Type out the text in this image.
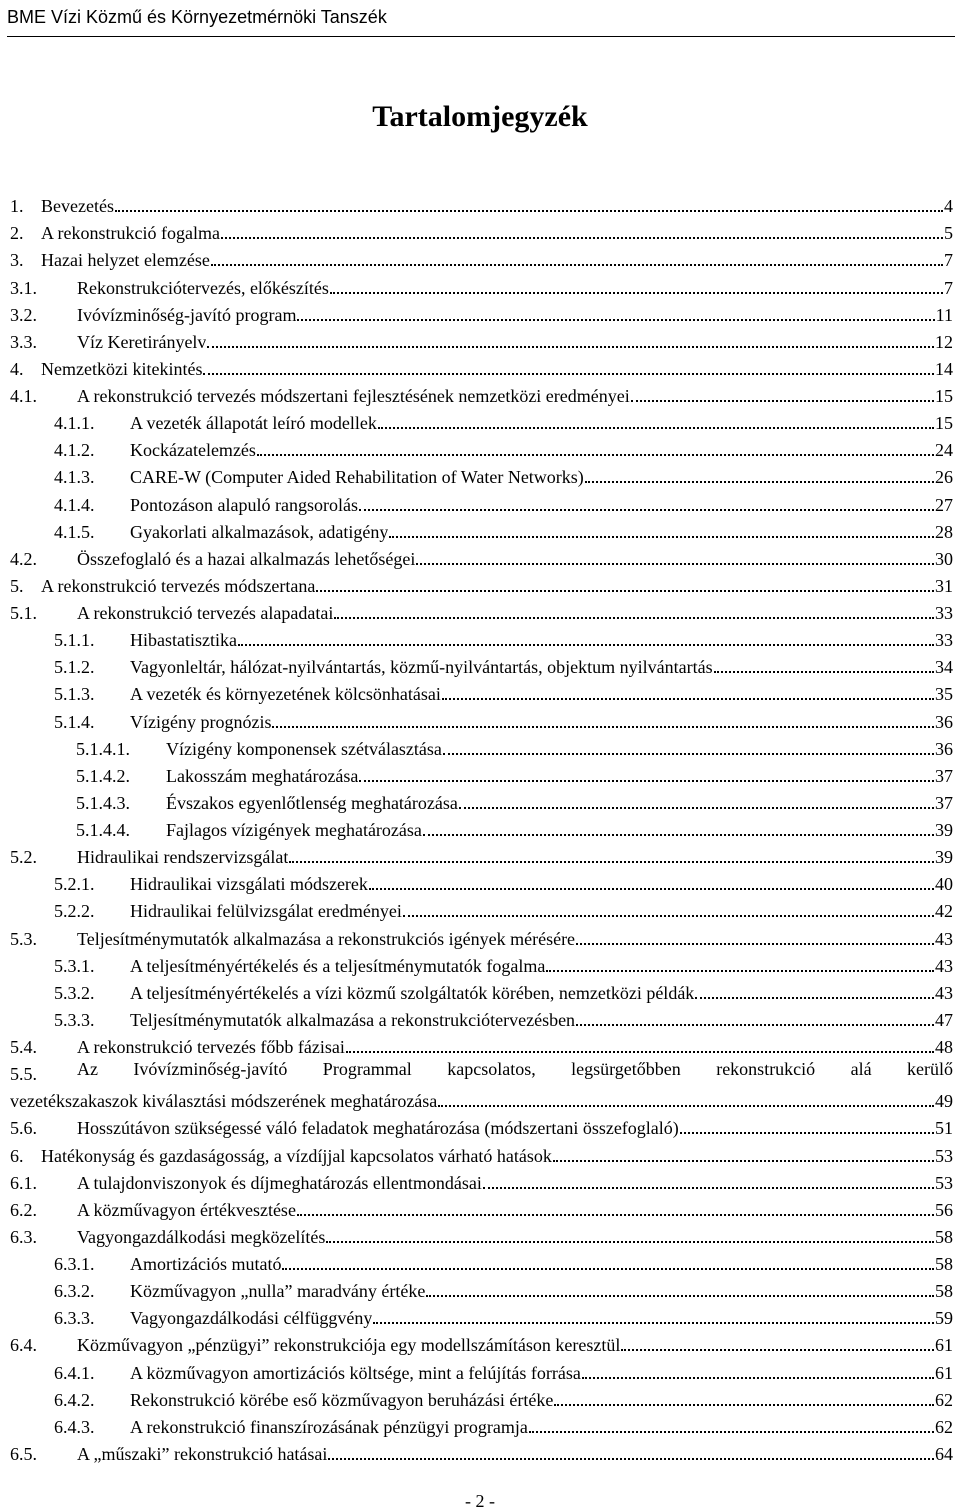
BME Vízi Közmű és Környezetmérnöki Tanszék
Tartalomjegyzék
1. Bevezetés	4
2. A rekonstrukció fogalma	5
3. Hazai helyzet elemzése	7
3.1.	Rekonstrukciótervezés, előkészítés	7
3.2.	Ivóvízminőség-javító program	11
3.3.	Víz Keretirányelv	12
4. Nemzetközi kitekintés	14
4.1.	A rekonstrukció tervezés módszertani fejlesztésének nemzetközi eredményei	15
4.1.1.	A vezeték állapotát leíró modellek	15
4.1.2.	Kockázatelemzés	24
4.1.3.	CARE-W (Computer Aided Rehabilitation of Water Networks)	26
4.1.4.	Pontozáson alapuló rangsorolás	27
4.1.5.	Gyakorlati alkalmazások, adatigény	28
4.2.	Összefoglaló és a hazai alkalmazás lehetőségei	30
5. A rekonstrukció tervezés módszertana	31
5.1.	A rekonstrukció tervezés alapadatai	33
5.1.1.	Hibastatisztika	33
5.1.2.	Vagyonleltár, hálózat-nyilvántartás, közmű-nyilvántartás, objektum nyilvántartás	34
5.1.3.	A vezeték és környezetének kölcsönhatásai	35
5.1.4.	Vízigény prognózis	36
5.1.4.1.	Vízigény komponensek szétválasztása	36
5.1.4.2.	Lakosszám meghatározása	37
5.1.4.3.	Évszakos egyenlőtlenség meghatározása	37
5.1.4.4.	Fajlagos vízigények meghatározása	39
5.2.	Hidraulikai rendszervizsgálat	39
5.2.1.	Hidraulikai vizsgálati módszerek	40
5.2.2.	Hidraulikai felülvizsgálat eredményei	42
5.3.	Teljesítménymutatók alkalmazása a rekonstrukciós igények mérésére	43
5.3.1.	A teljesítményértékelés és a teljesítménymutatók fogalma	43
5.3.2.	A teljesítményértékelés a vízi közmű szolgáltatók körében, nemzetközi példák	43
5.3.3.	Teljesítménymutatók alkalmazása a rekonstrukciótervezésben	47
5.4.	A rekonstrukció tervezés főbb fázisai	48
5.5.	Az Ivóvízminőség-javító Programmal kapcsolatos, legsürgetőbben rekonstrukció alá kerülő
vezetékszakaszok kiválasztási módszerének meghatározása	49
5.6.	Hosszútávon szükségessé váló feladatok meghatározása (módszertani összefoglaló)	51
6. Hatékonyság és gazdaságosság, a vízdíjjal kapcsolatos várható hatások	53
6.1.	A tulajdonviszonyok és díjmeghatározás ellentmondásai	53
6.2.	A közművagyon értékvesztése	56
6.3.	Vagyongazdálkodási megközelítés	58
6.3.1.	Amortizációs mutató	58
6.3.2.	Közművagyon „nulla” maradvány értéke	58
6.3.3.	Vagyongazdálkodási célfüggvény	59
6.4.	Közművagyon „pénzügyi” rekonstrukciója egy modellszámításon keresztül	61
6.4.1.	A közművagyon amortizációs költsége, mint a felújítás forrása	61
6.4.2.	Rekonstrukció körébe eső közművagyon beruházási értéke	62
6.4.3.	A rekonstrukció finanszírozásának pénzügyi programja	62
6.5.	A „műszaki” rekonstrukció hatásai	64
- 2 -
